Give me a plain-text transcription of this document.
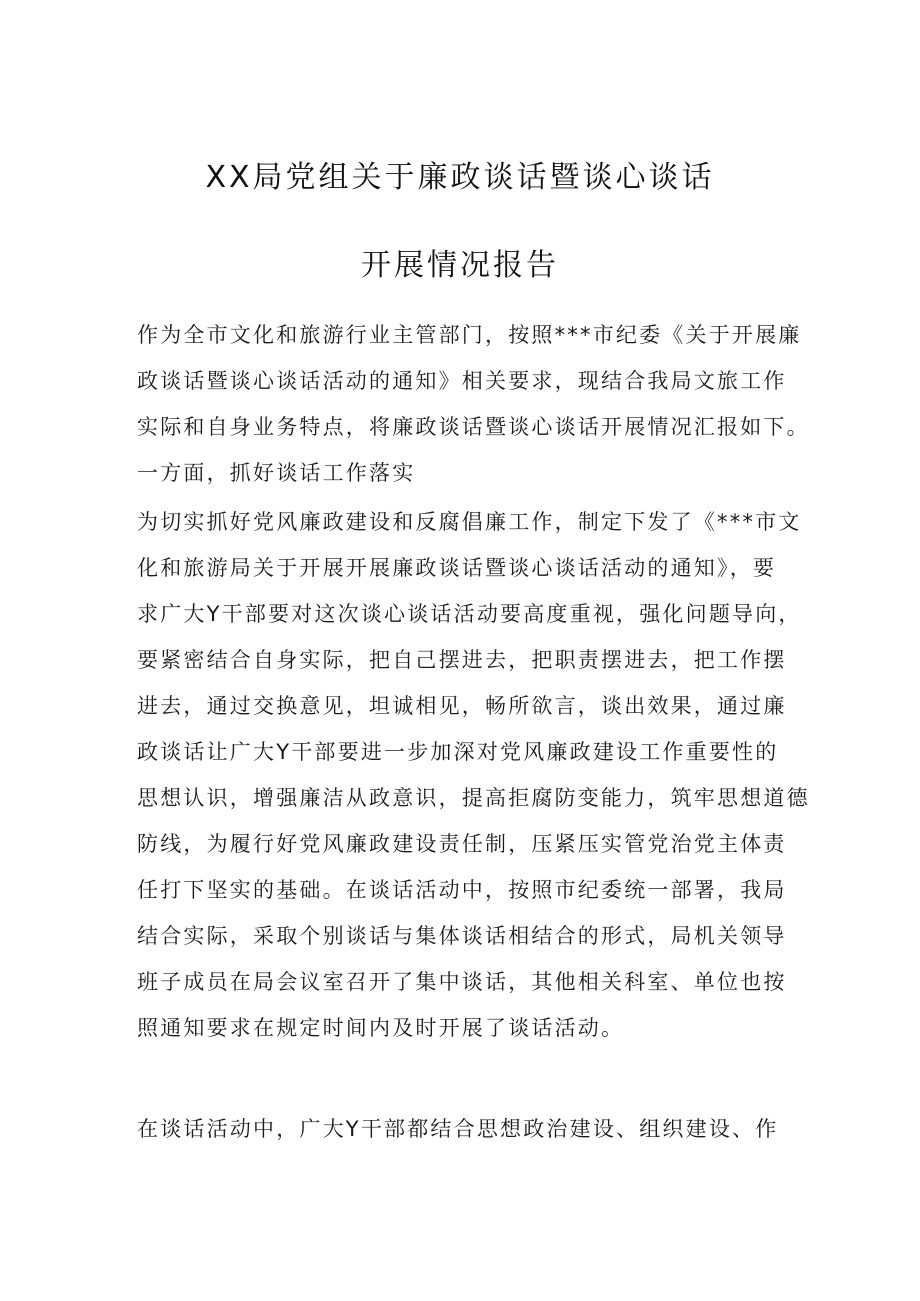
XX局党组关于廉政谈话暨谈心谈话
开展情况报告
作为全市文化和旅游行业主管部门，按照***市纪委《关于开展廉
政谈话暨谈心谈话活动的通知》相关要求，现结合我局文旅工作
实际和自身业务特点，将廉政谈话暨谈心谈话开展情况汇报如下。
一方面，抓好谈话工作落实
为切实抓好党风廉政建设和反腐倡廉工作，制定下发了《***市文
化和旅游局关于开展开展廉政谈话暨谈心谈话活动的通知》，要
求广大Y干部要对这次谈心谈话活动要高度重视，强化问题导向，
要紧密结合自身实际，把自己摆进去，把职责摆进去，把工作摆
进去，通过交换意见，坦诚相见，畅所欲言，谈出效果，通过廉
政谈话让广大Y干部要进一步加深对党风廉政建设工作重要性的
思想认识，增强廉洁从政意识，提高拒腐防变能力，筑牢思想道德
防线，为履行好党风廉政建设责任制，压紧压实管党治党主体责
任打下坚实的基础。在谈话活动中，按照市纪委统一部署，我局
结合实际，采取个别谈话与集体谈话相结合的形式，局机关领导
班子成员在局会议室召开了集中谈话，其他相关科室、单位也按
照通知要求在规定时间内及时开展了谈话活动。
在谈话活动中，广大Y干部都结合思想政治建设、组织建设、作
